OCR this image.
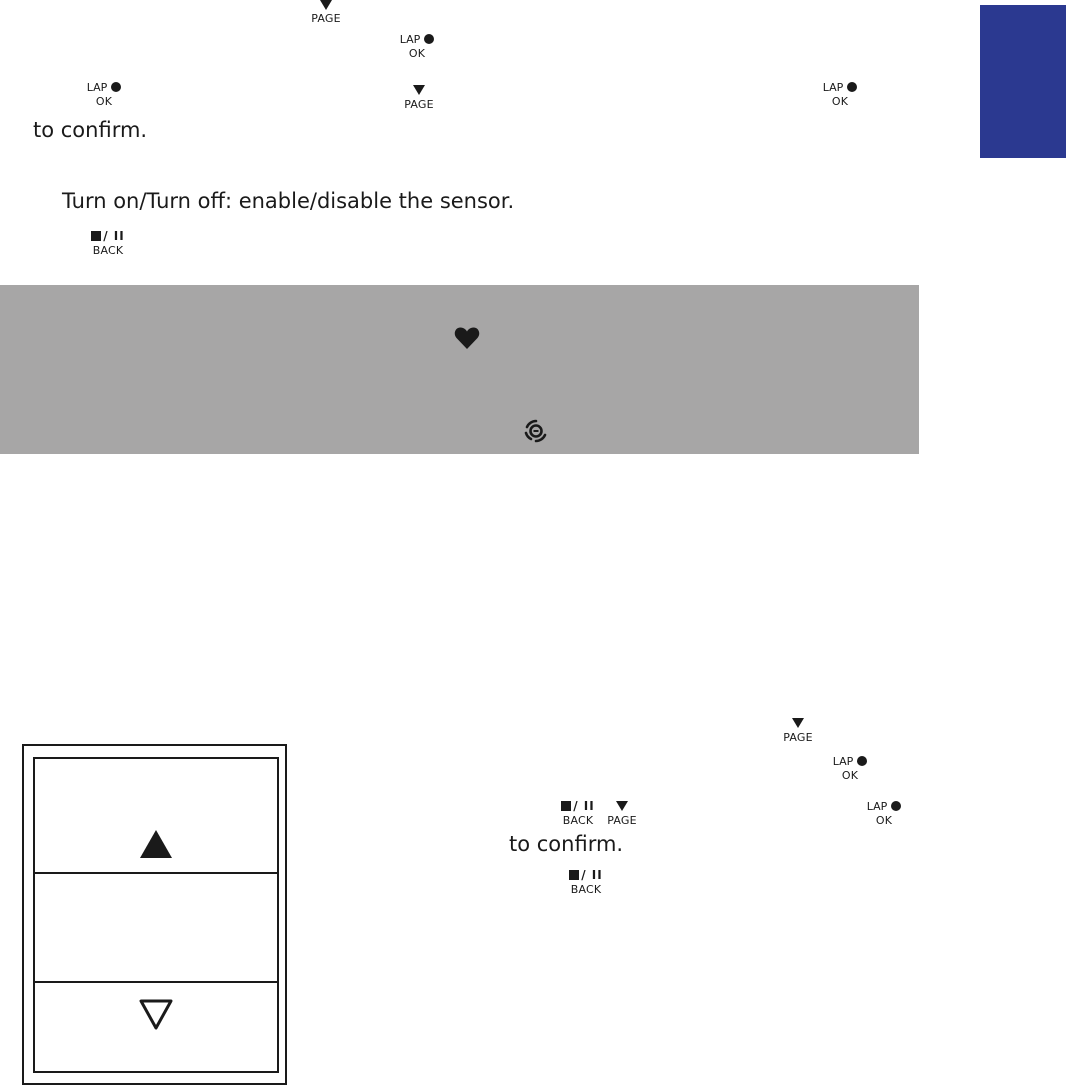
PAGE
LAP
OK
LAP
OK	PAGE
LAP
OK
to confirm.
Turn on/Turn off: enable/disable the sensor.
/ II
BACK
PAGE
LAP
OK
/ II
BACK	PAGE
LAP
OK
to confirm.
/ II
BACK
